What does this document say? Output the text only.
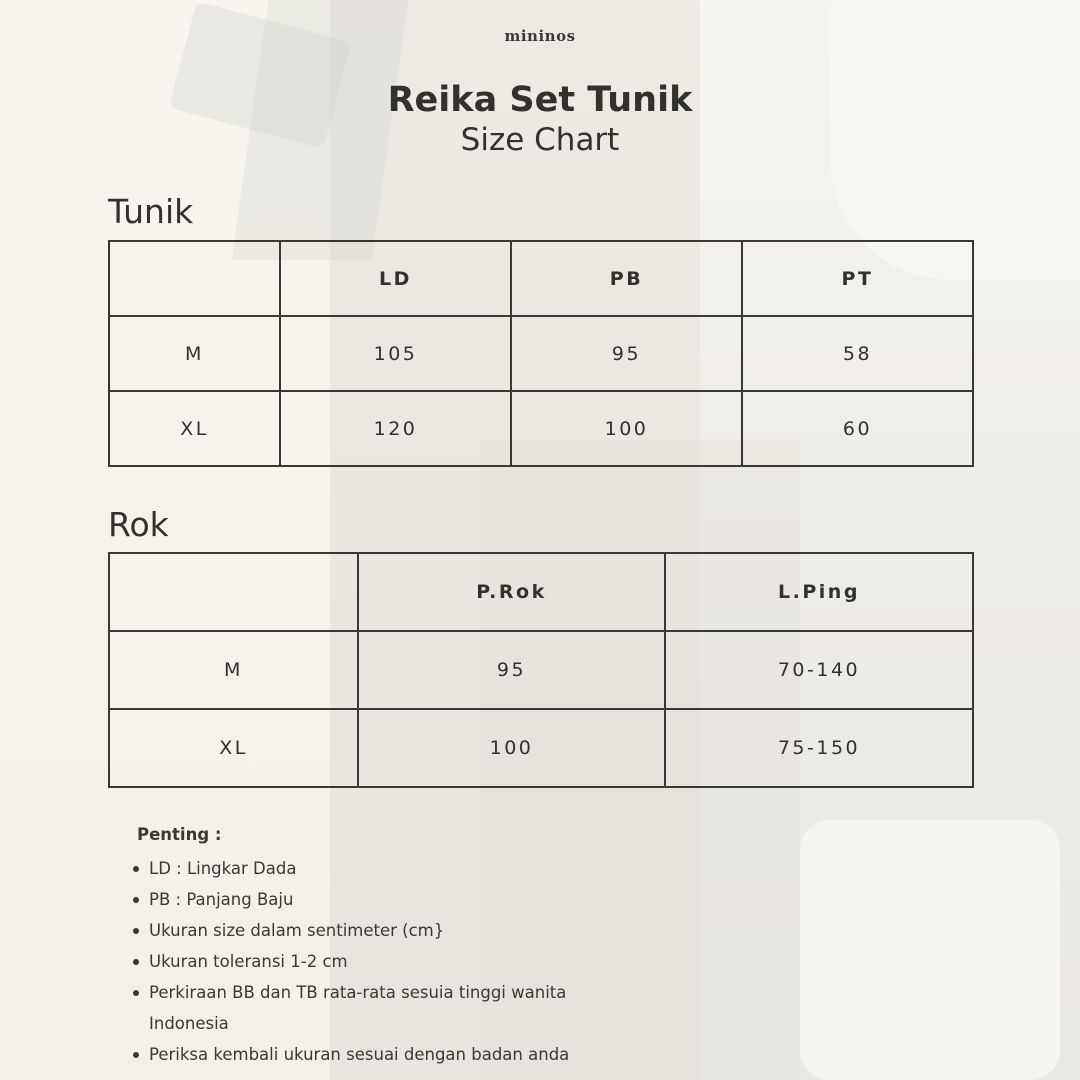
mininos
Reika Set Tunik
Size Chart
Tunik
	LD	PB	PT
M	105	95	58
XL	120	100	60
Rok
	P.Rok	L.Ping
M	95	70-140
XL	100	75-150
Penting :
LD : Lingkar Dada
PB : Panjang Baju
Ukuran size dalam sentimeter (cm}
Ukuran toleransi 1-2 cm
Perkiraan BB dan TB rata-rata sesuia tinggi wanita Indonesia
Periksa kembali ukuran sesuai dengan badan anda
